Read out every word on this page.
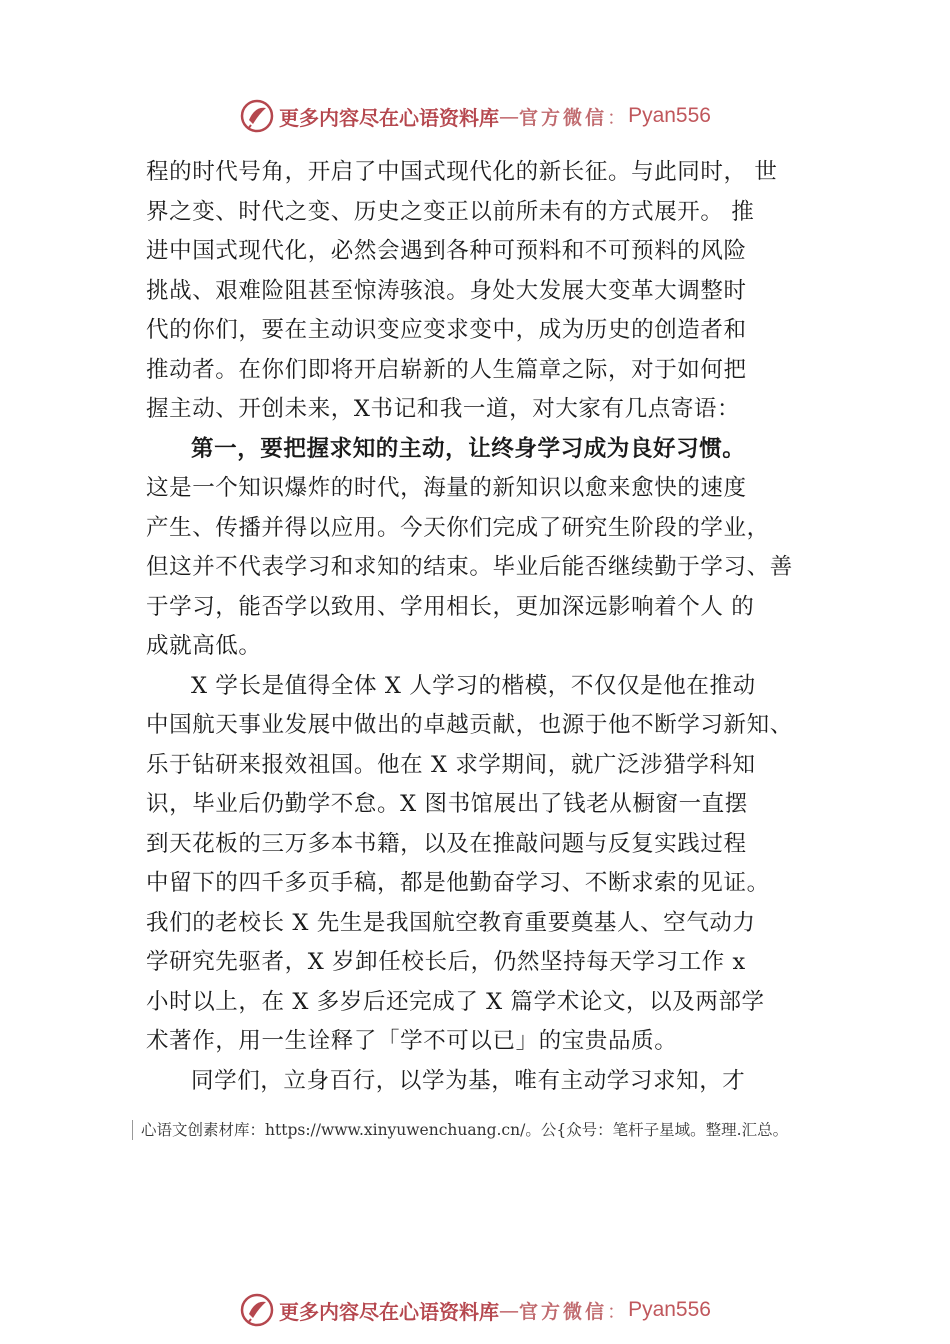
更多内容尽在心语资料库 — 官方微信 ： Pyan556
程的时代号角，开启了中国式现代化的新长征。与此同时， 世
界之变、时代之变、历史之变正以前所未有的方式展开。 推
进中国式现代化，必然会遇到各种可预料和不可预料的风险
挑战、艰难险阻甚至惊涛骇浪。身处大发展大变革大调整时
代的你们，要在主动识变应变求变中，成为历史的创造者和
推动者。在你们即将开启崭新的人生篇章之际，对于如何把
握主动、开创未来，X书记和我一道，对大家有几点寄语：
第一，要把握求知的主动，让终身学习成为良好习惯。
这是一个知识爆炸的时代，海量的新知识以愈来愈快的速度
产生、传播并得以应用。今天你们完成了研究生阶段的学业，
但这并不代表学习和求知的结束。毕业后能否继续勤于学习、善
于学习，能否学以致用、学用相长，更加深远影响着个人 的
成就高低。
X 学长是值得全体 X 人学习的楷模，不仅仅是他在推动
中国航天事业发展中做出的卓越贡献，也源于他不断学习新知、
乐于钻研来报效祖国。他在 X 求学期间，就广泛涉猎学科知
识，毕业后仍勤学不怠。X 图书馆展出了钱老从橱窗一直摆
到天花板的三万多本书籍，以及在推敲问题与反复实践过程
中留下的四千多页手稿，都是他勤奋学习、不断求索的见证。
我们的老校长 X 先生是我国航空教育重要奠基人、空气动力
学研究先驱者，X 岁卸任校长后，仍然坚持每天学习工作 x
小时以上，在 X 多岁后还完成了 X 篇学术论文，以及两部学
术著作，用一生诠释了「学不可以已」的宝贵品质。
同学们，立身百行，以学为基，唯有主动学习求知，才
心语文创素材库：https://www.xinyuwenchuang.cn/。公{众号：笔杆子星域。整理.汇总。
更多内容尽在心语资料库 — 官方微信 ： Pyan556
